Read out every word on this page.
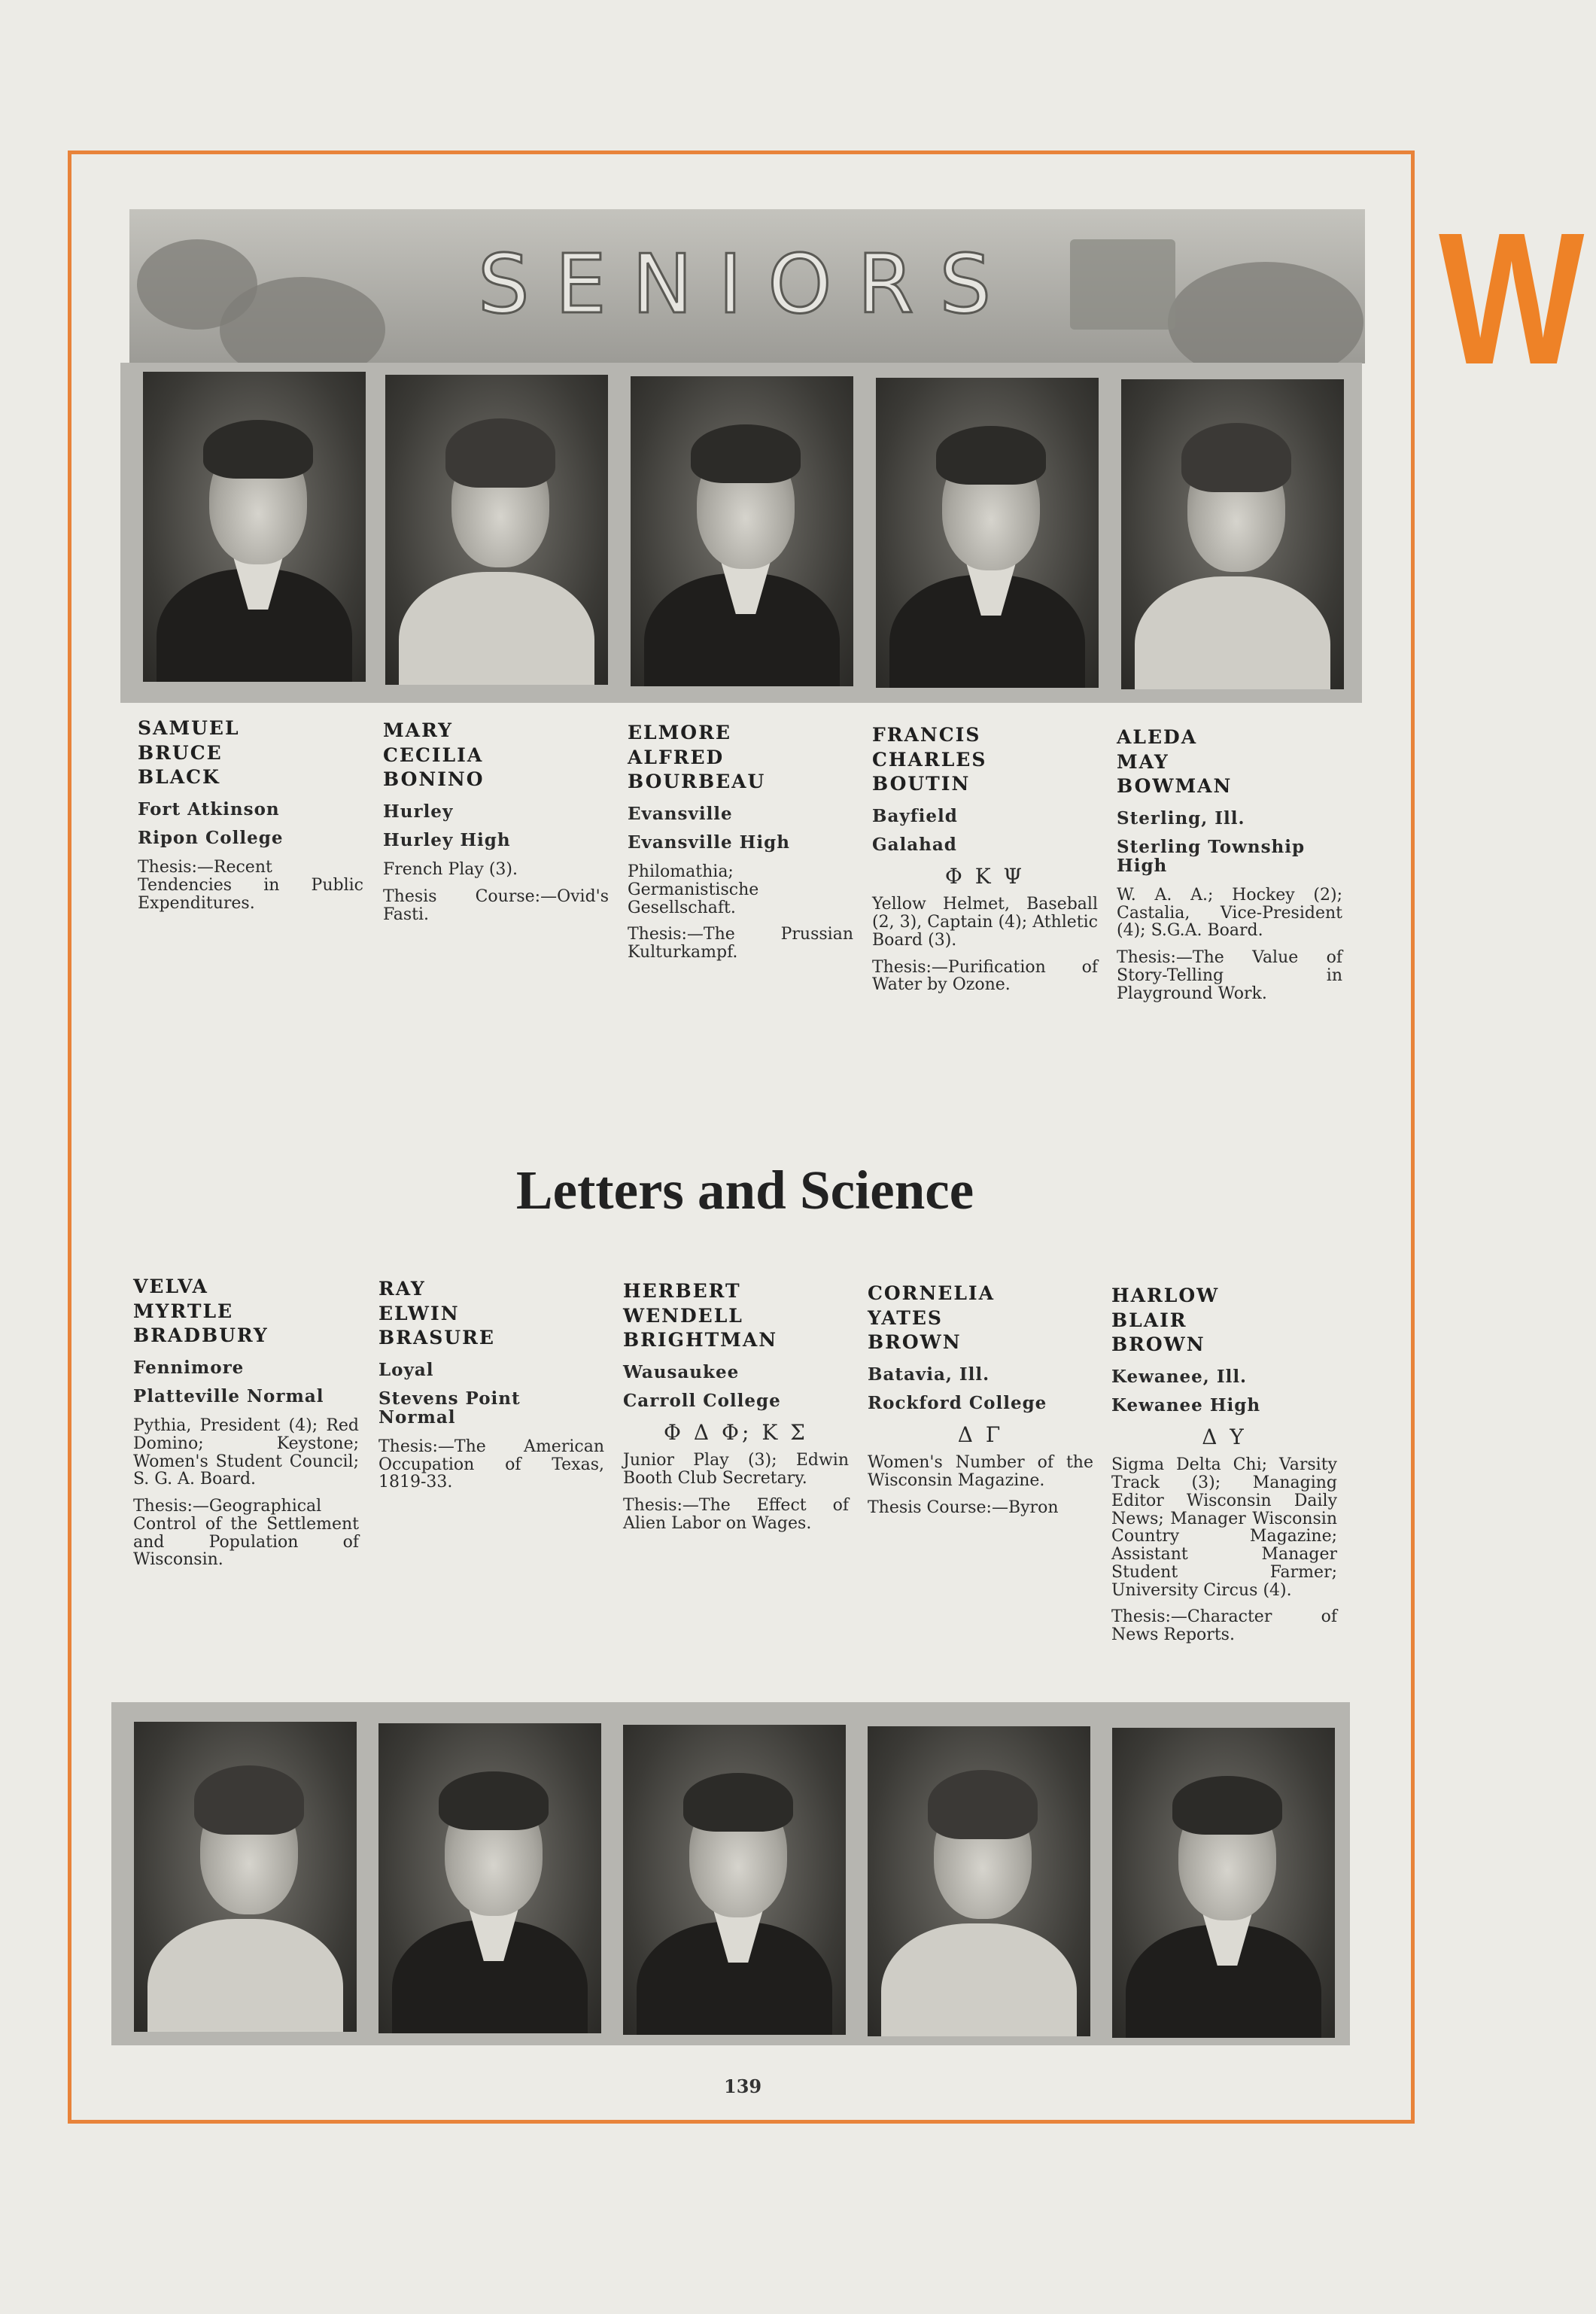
W
SENIORS
SAMUEL
BRUCE
BLACK
Fort Atkinson
Ripon College
Thesis:—Recent Tendencies in Public Expenditures.
MARY
CECILIA
BONINO
Hurley
Hurley High
French Play (3).
Thesis Course:—Ovid's Fasti.
ELMORE
ALFRED
BOURBEAU
Evansville
Evansville High
Philomathia; Germanistische Gesellschaft.
Thesis:—The Prussian Kulturkampf.
FRANCIS
CHARLES
BOUTIN
Bayfield
Galahad
Φ Κ Ψ
Yellow Helmet, Baseball (2, 3), Captain (4); Athletic Board (3).
Thesis:—Purification of Water by Ozone.
ALEDA
MAY
BOWMAN
Sterling, Ill.
Sterling Township High
W. A. A.; Hockey (2); Castalia, Vice-President (4); S.G.A. Board.
Thesis:—The Value of Story-Telling in Playground Work.
Letters and Science
VELVA
MYRTLE
BRADBURY
Fennimore
Platteville Normal
Pythia, President (4); Red Domino; Keystone; Women's Student Council; S. G. A. Board.
Thesis:—Geographical Control of the Settlement and Population of Wisconsin.
RAY
ELWIN
BRASURE
Loyal
Stevens Point Normal
Thesis:—The American Occupation of Texas, 1819-33.
HERBERT
WENDELL
BRIGHTMAN
Wausaukee
Carroll College
Φ Δ Φ; Κ Σ
Junior Play (3); Edwin Booth Club Secretary.
Thesis:—The Effect of Alien Labor on Wages.
CORNELIA
YATES
BROWN
Batavia, Ill.
Rockford College
Δ Γ
Women's Number of the Wisconsin Magazine.
Thesis Course:—Byron
HARLOW
BLAIR
BROWN
Kewanee, Ill.
Kewanee High
Δ Υ
Sigma Delta Chi; Varsity Track (3); Managing Editor Wisconsin Daily News; Manager Wisconsin Country Magazine; Assistant Manager Student Farmer; University Circus (4).
Thesis:—Character of News Reports.
139
